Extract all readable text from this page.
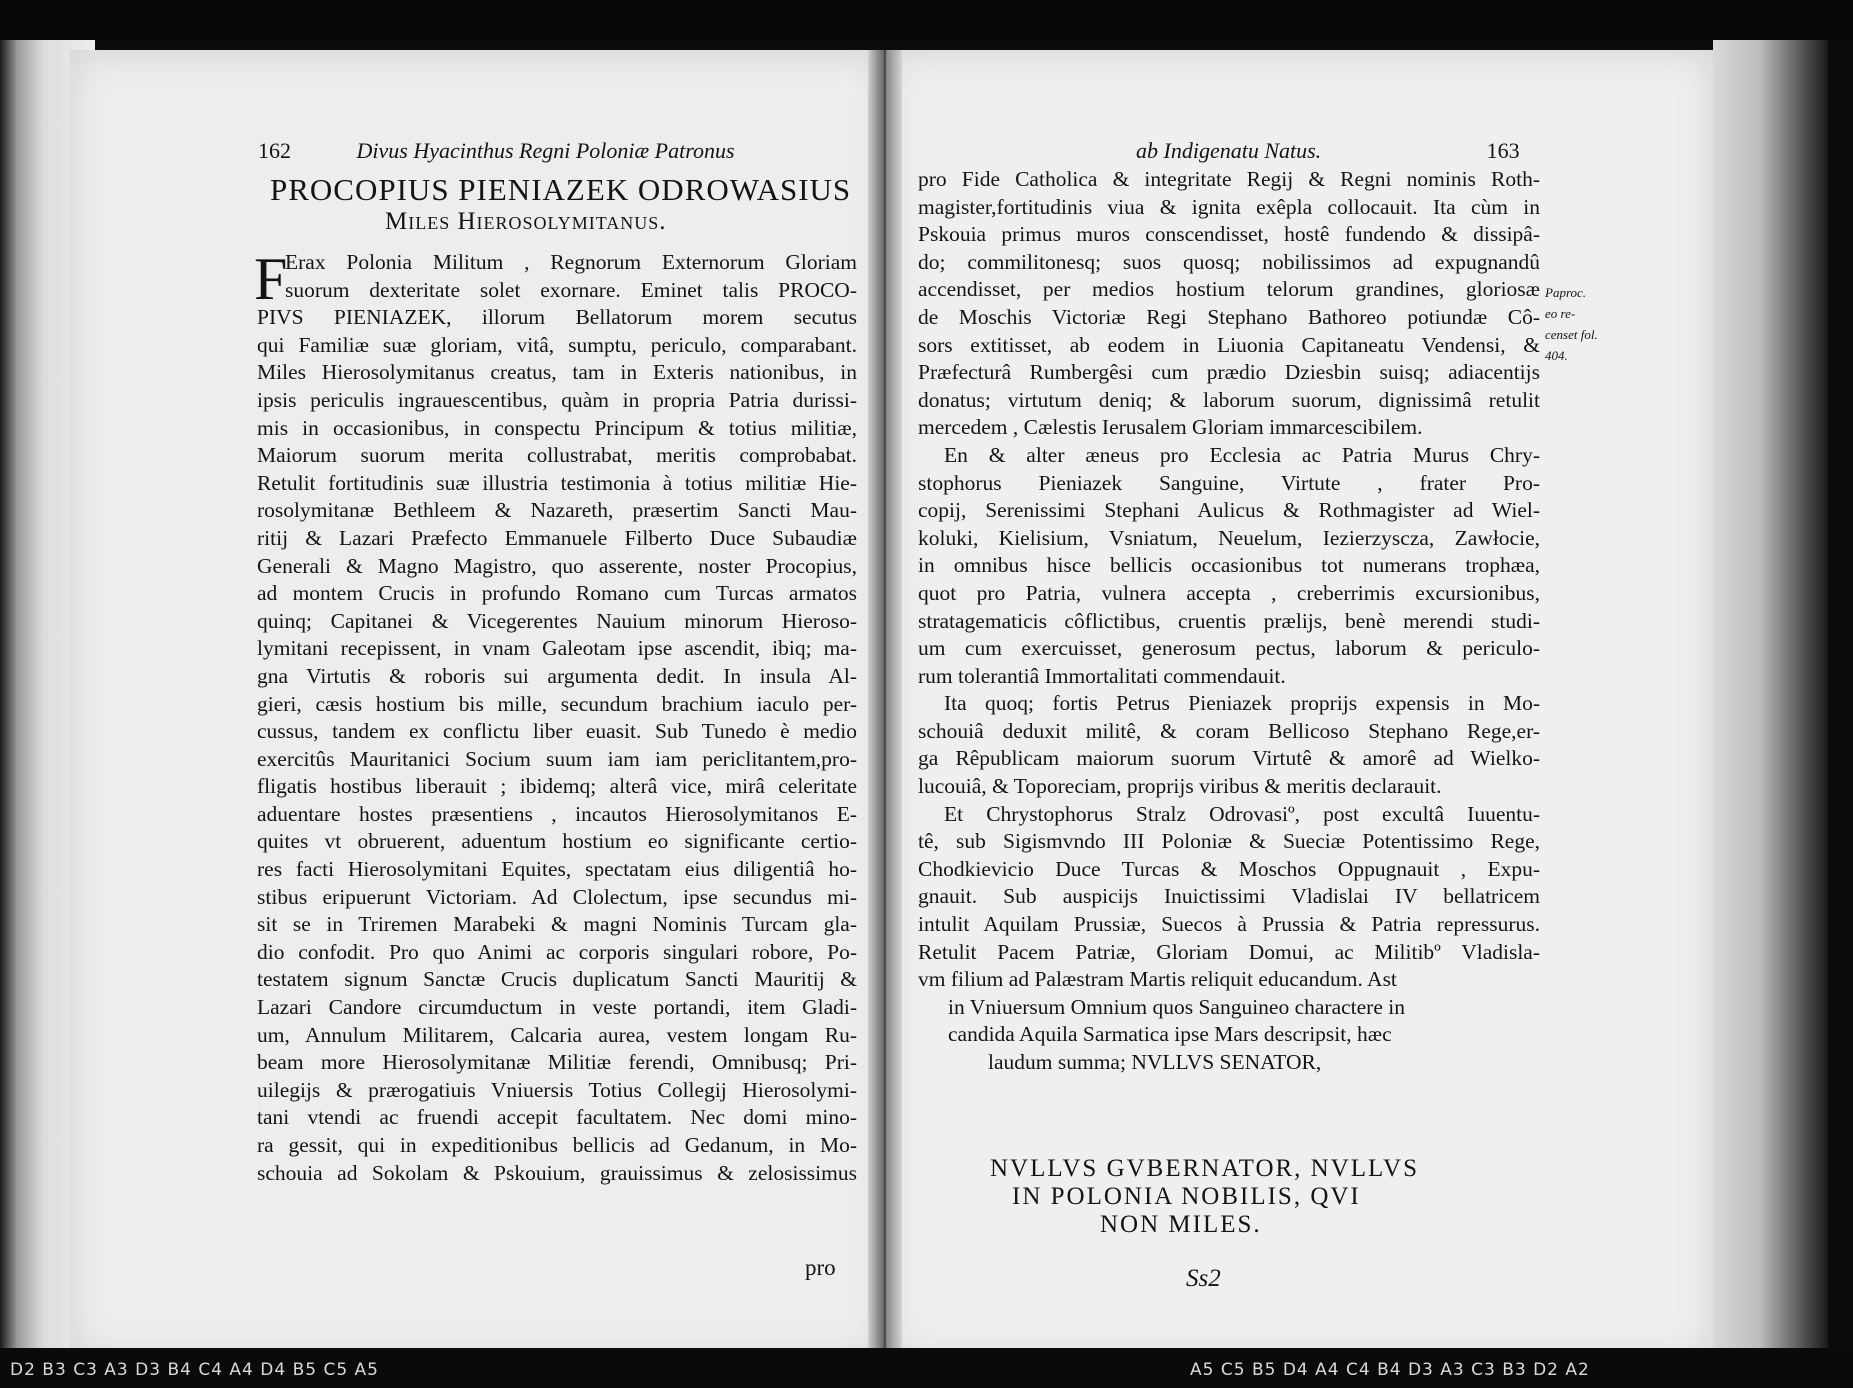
162	Divus Hyacinthus Regni Poloniæ Patronus
PROCOPIUS PIENIAZEK ODROWASIUS
Miles Hierosolymitanus.
F
Erax Polonia Militum , Regnorum Externorum Gloriam
suorum dexteritate solet exornare. Eminet talis PROCO-
PIVS PIENIAZEK, illorum Bellatorum morem secutus
qui Familiæ suæ gloriam, vitâ, sumptu, periculo, comparabant.
Miles Hierosolymitanus creatus, tam in Exteris nationibus, in
ipsis periculis ingrauescentibus, quàm in propria Patria durissi-
mis in occasionibus, in conspectu Principum & totius militiæ,
Maiorum suorum merita collustrabat, meritis comprobabat.
Retulit fortitudinis suæ illustria testimonia à totius militiæ Hie-
rosolymitanæ Bethleem & Nazareth, præsertim Sancti Mau-
ritij & Lazari Præfecto Emmanuele Filberto Duce Subaudiæ
Generali & Magno Magistro, quo asserente, noster Procopius,
ad montem Crucis in profundo Romano cum Turcas armatos
quinq; Capitanei & Vicegerentes Nauium minorum Hieroso-
lymitani recepissent, in vnam Galeotam ipse ascendit, ibiq; ma-
gna Virtutis & roboris sui argumenta dedit. In insula Al-
gieri, cæsis hostium bis mille, secundum brachium iaculo per-
cussus, tandem ex conflictu liber euasit. Sub Tunedo è medio
exercitûs Mauritanici Socium suum iam iam periclitantem,pro-
fligatis hostibus liberauit ; ibidemq; alterâ vice, mirâ celeritate
aduentare hostes præsentiens , incautos Hierosolymitanos E-
quites vt obruerent, aduentum hostium eo significante certio-
res facti Hierosolymitani Equites, spectatam eius diligentiâ ho-
stibus eripuerunt Victoriam. Ad Clolectum, ipse secundus mi-
sit se in Triremen Marabeki & magni Nominis Turcam gla-
dio confodit. Pro quo Animi ac corporis singulari robore, Po-
testatem signum Sanctæ Crucis duplicatum Sancti Mauritij &
Lazari Candore circumductum in veste portandi, item Gladi-
um, Annulum Militarem, Calcaria aurea, vestem longam Ru-
beam more Hierosolymitanæ Militiæ ferendi, Omnibusq; Pri-
uilegijs & prærogatiuis Vniuersis Totius Collegij Hierosolymi-
tani vtendi ac fruendi accepit facultatem. Nec domi mino-
ra gessit, qui in expeditionibus bellicis ad Gedanum, in Mo-
schouia ad Sokolam & Pskouium, grauissimus & zelosissimus
pro
ab Indigenatu Natus.	163
pro Fide Catholica & integritate Regij & Regni nominis Roth-
magister,fortitudinis viua & ignita exêpla collocauit. Ita cùm in
Pskouia primus muros conscendisset, hostê fundendo & dissipâ-
do; commilitonesq; suos quosq; nobilissimos ad expugnandû
accendisset, per medios hostium telorum grandines, gloriosæ
de Moschis Victoriæ Regi Stephano Bathoreo potiundæ Cô-
sors extitisset, ab eodem in Liuonia Capitaneatu Vendensi, &
Præfecturâ Rumbergêsi cum prædio Dziesbin suisq; adiacentijs
donatus; virtutum deniq; & laborum suorum, dignissimâ retulit
mercedem , Cælestis Ierusalem Gloriam immarcescibilem.
En & alter æneus pro Ecclesia ac Patria Murus Chry-
stophorus Pieniazek Sanguine, Virtute , frater Pro-
copij, Serenissimi Stephani Aulicus & Rothmagister ad Wiel-
koluki, Kielisium, Vsniatum, Neuelum, Iezierzyscza, Zawłocie,
in omnibus hisce bellicis occasionibus tot numerans trophæa,
quot pro Patria, vulnera accepta , creberrimis excursionibus,
stratagematicis côflictibus, cruentis prælijs, benè merendi studi-
um cum exercuisset, generosum pectus, laborum & periculo-
rum tolerantiâ Immortalitati commendauit.
Ita quoq; fortis Petrus Pieniazek proprijs expensis in Mo-
schouiâ deduxit militê, & coram Bellicoso Stephano Rege,er-
ga Rêpublicam maiorum suorum Virtutê & amorê ad Wielko-
lucouiâ, & Toporeciam, proprijs viribus & meritis declarauit.
Et Chrystophorus Stralz Odrovasiº, post excultâ Iuuentu-
tê, sub Sigismvndo III Poloniæ & Sueciæ Potentissimo Rege,
Chodkievicio Duce Turcas & Moschos Oppugnauit , Expu-
gnauit. Sub auspicijs Inuictissimi Vladislai IV bellatricem
intulit Aquilam Prussiæ, Suecos à Prussia & Patria repressurus.
Retulit Pacem Patriæ, Gloriam Domui, ac Militibº Vladisla-
vm filium ad Palæstram Martis reliquit educandum. Ast
in Vniuersum Omnium quos Sanguineo charactere in
candida Aquila Sarmatica ipse Mars descripsit, hæc
laudum summa; NVLLVS SENATOR,
NVLLVS GVBERNATOR, NVLLVS
IN POLONIA NOBILIS, QVI
NON MILES.
Paproc.
eo re-
censet fol.
404.
Ss2
D2 B3 C3 A3 D3 B4 C4 A4 D4 B5 C5 A5	A5 C5 B5 D4 A4 C4 B4 D3 A3 C3 B3 D2 A2
